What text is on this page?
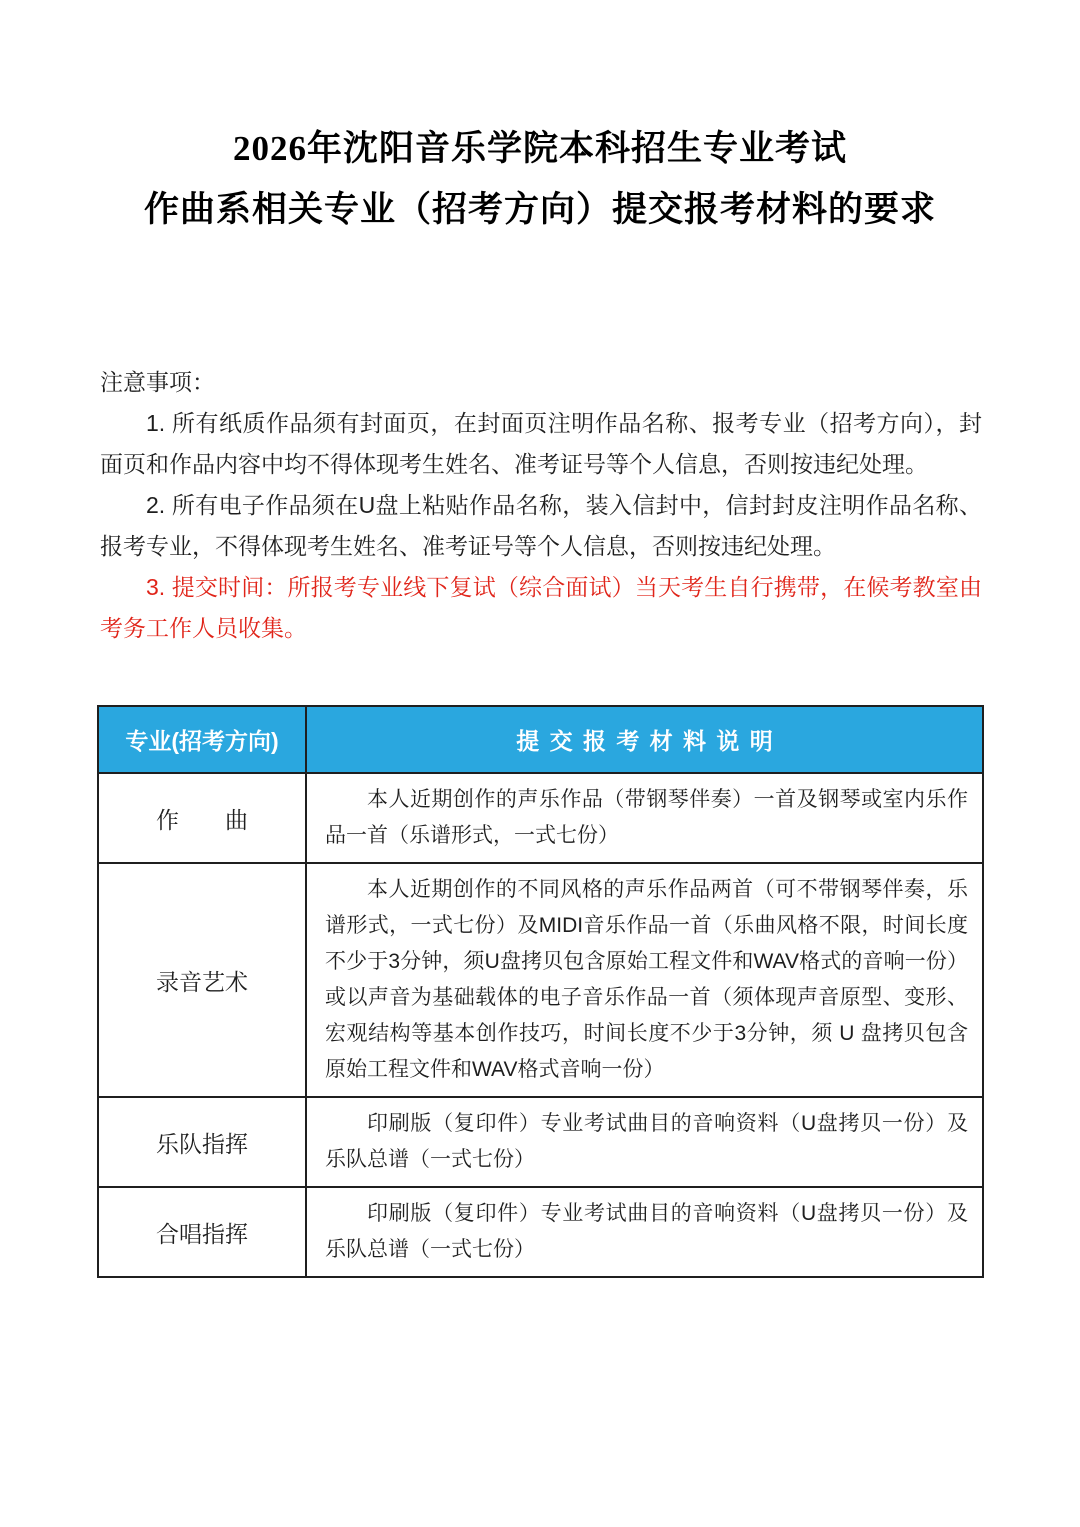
2026年沈阳音乐学院本科招生专业考试
作曲系相关专业（招考方向）提交报考材料的要求

注意事项：

1. 所有纸质作品须有封面页，在封面页注明作品名称、报考专业（招考方向），封面页和作品内容中均不得体现考生姓名、准考证号等个人信息，否则按违纪处理。

2. 所有电子作品须在U盘上粘贴作品名称，装入信封中，信封封皮注明作品名称、报考专业，不得体现考生姓名、准考证号等个人信息，否则按违纪处理。

3. 提交时间：所报考专业线下复试（综合面试）当天考生自行携带，在候考教室由考务工作人员收集。

专业(招考方向)	提交报考材料说明
作　　曲	本人近期创作的声乐作品（带钢琴伴奏）一首及钢琴或室内乐作品一首（乐谱形式，一式七份）
录音艺术	本人近期创作的不同风格的声乐作品两首（可不带钢琴伴奏，乐谱形式，一式七份）及MIDI音乐作品一首（乐曲风格不限，时间长度不少于3分钟，须U盘拷贝包含原始工程文件和WAV格式的音响一份）或以声音为基础载体的电子音乐作品一首（须体现声音原型、变形、宏观结构等基本创作技巧，时间长度不少于3分钟，须 U 盘拷贝包含原始工程文件和WAV格式音响一份）
乐队指挥	印刷版（复印件）专业考试曲目的音响资料（U盘拷贝一份）及乐队总谱（一式七份）
合唱指挥	印刷版（复印件）专业考试曲目的音响资料（U盘拷贝一份）及乐队总谱（一式七份）
